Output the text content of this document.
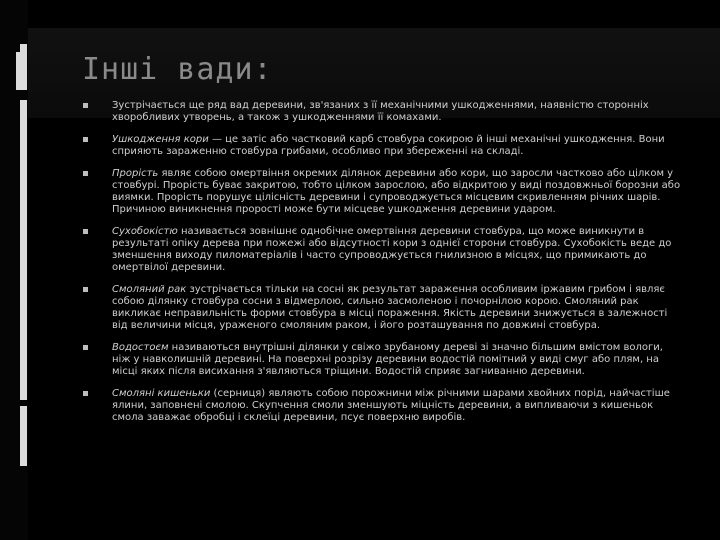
Інші вади:
Зустрічається ще ряд вад деревини, зв'язаних з її механічними ушкодженнями, наявністю сторонніх хворобливих утворень, а також з ушкодженнями її комахами.
Ушкодження кори — це затіс або частковий карб стовбура сокирою й інші механічні ушкодження. Вони сприяють зараженню стовбура грибами, особливо при збереженні на складі.
Прорість являє собою омертвіння окремих ділянок деревини або кори, що заросли частково або цілком у стовбурі. Прорість буває закритою, тобто цілком зарослою, або відкритою у виді поздовжньої борозни або виямки. Прорість порушує цілісність деревини і супроводжується місцевим скривленням річних шарів. Причиною виникнення прорості може бути місцеве ушкодження деревини ударом.
Сухобокістю називається зовнішнє однобічне омертвіння деревини стовбура, що може виникнути в результаті опіку дерева при пожежі або відсутності кори з однієї сторони стовбура. Сухобокість веде до зменшення виходу пиломатеріалів і часто супроводжується гнилизною в місцях, що примикають до омертвілої деревини.
Смоляний рак зустрічається тільки на сосні як результат зараження особливим іржавим грибом і являє собою ділянку стовбура сосни з відмерлою, сильно засмоленою і почорнілою корою. Смоляний рак викликає неправильність форми стовбура в місці пораження. Якість деревини знижується в залежності від величини місця, ураженого смоляним раком, і його розташування по довжині стовбура.
Водостоєм називаються внутрішні ділянки у свіжо зрубаному дереві зі значно більшим вмістом вологи, ніж у навколишній деревині. На поверхні розрізу деревини водостій помітний у виді смуг або плям, на місці яких після висихання з'являються тріщини. Водостій сприяє загниванню деревини.
Смоляні кишеньки (серниця) являють собою порожнини між річними шарами хвойних порід, найчастіше ялини, заповнені смолою. Скупчення смоли зменшують міцність деревини, а випливаючи з кишеньок смола заважає обробці і склеїці деревини, псує поверхню виробів.
